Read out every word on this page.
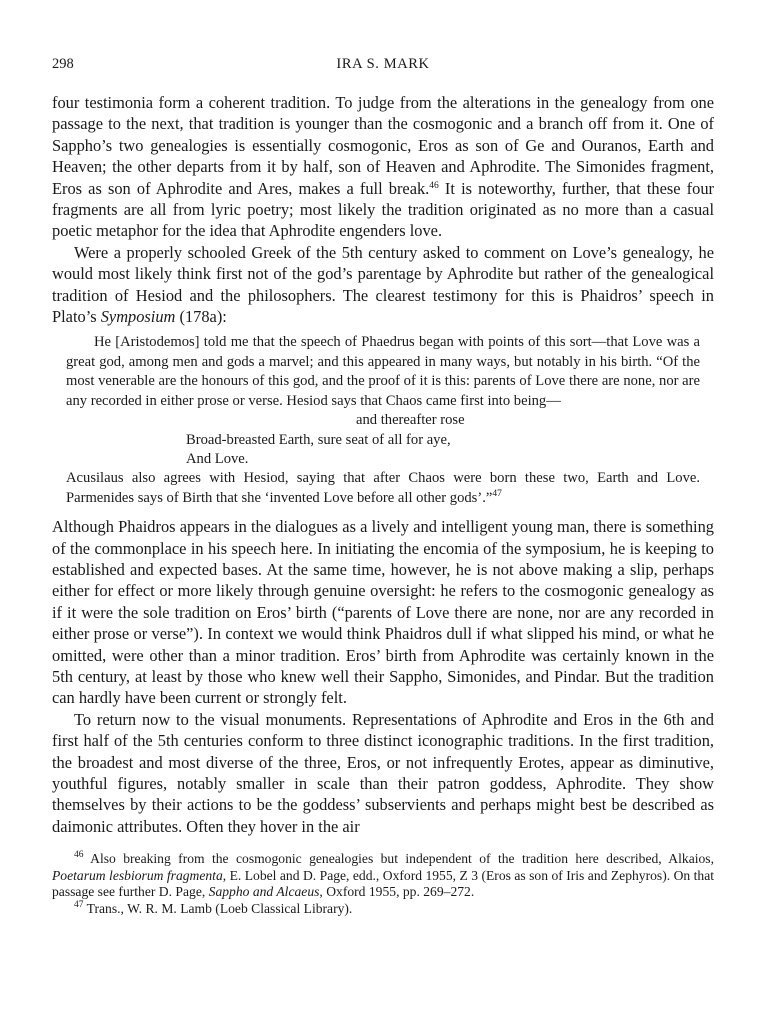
298	IRA S. MARK

four testimonia form a coherent tradition. To judge from the alterations in the genealogy from one passage to the next, that tradition is younger than the cosmogonic and a branch off from it. One of Sappho’s two genealogies is essentially cosmogonic, Eros as son of Ge and Ouranos, Earth and Heaven; the other departs from it by half, son of Heaven and Aphrodite. The Simonides fragment, Eros as son of Aphrodite and Ares, makes a full break.$^{46}$ It is noteworthy, further, that these four fragments are all from lyric poetry; most likely the tradition originated as no more than a casual poetic metaphor for the idea that Aphrodite engenders love.

Were a properly schooled Greek of the 5th century asked to comment on Love’s genealogy, he would most likely think first not of the god’s parentage by Aphrodite but rather of the genealogical tradition of Hesiod and the philosophers. The clearest testimony for this is Phaidros’ speech in Plato’s Symposium (178a):

He [Aristodemos] told me that the speech of Phaedrus began with points of this sort—that Love was a great god, among men and gods a marvel; and this appeared in many ways, but notably in his birth. “Of the most venerable are the honours of this god, and the proof of it is this: parents of Love there are none, nor are any recorded in either prose or verse. Hesiod says that Chaos came first into being—

and thereafter rose
Broad-breasted Earth, sure seat of all for aye,
And Love.

Acusilaus also agrees with Hesiod, saying that after Chaos were born these two, Earth and Love. Parmenides says of Birth that she ‘invented Love before all other gods’.”$^{47}$

Although Phaidros appears in the dialogues as a lively and intelligent young man, there is something of the commonplace in his speech here. In initiating the encomia of the symposium, he is keeping to established and expected bases. At the same time, however, he is not above making a slip, perhaps either for effect or more likely through genuine oversight: he refers to the cosmogonic genealogy as if it were the sole tradition on Eros’ birth (“parents of Love there are none, nor are any recorded in either prose or verse”). In context we would think Phaidros dull if what slipped his mind, or what he omitted, were other than a minor tradition. Eros’ birth from Aphrodite was certainly known in the 5th century, at least by those who knew well their Sappho, Simonides, and Pindar. But the tradition can hardly have been current or strongly felt.

To return now to the visual monuments. Representations of Aphrodite and Eros in the 6th and first half of the 5th centuries conform to three distinct iconographic traditions. In the first tradition, the broadest and most diverse of the three, Eros, or not infrequently Erotes, appear as diminutive, youthful figures, notably smaller in scale than their patron goddess, Aphrodite. They show themselves by their actions to be the goddess’ subservients and perhaps might best be described as daimonic attributes. Often they hover in the air

$^{46}$ Also breaking from the cosmogonic genealogies but independent of the tradition here described, Alkaios, Poetarum lesbiorum fragmenta, E. Lobel and D. Page, edd., Oxford 1955, Z 3 (Eros as son of Iris and Zephyros). On that passage see further D. Page, Sappho and Alcaeus, Oxford 1955, pp. 269–272.

$^{47}$ Trans., W. R. M. Lamb (Loeb Classical Library).
